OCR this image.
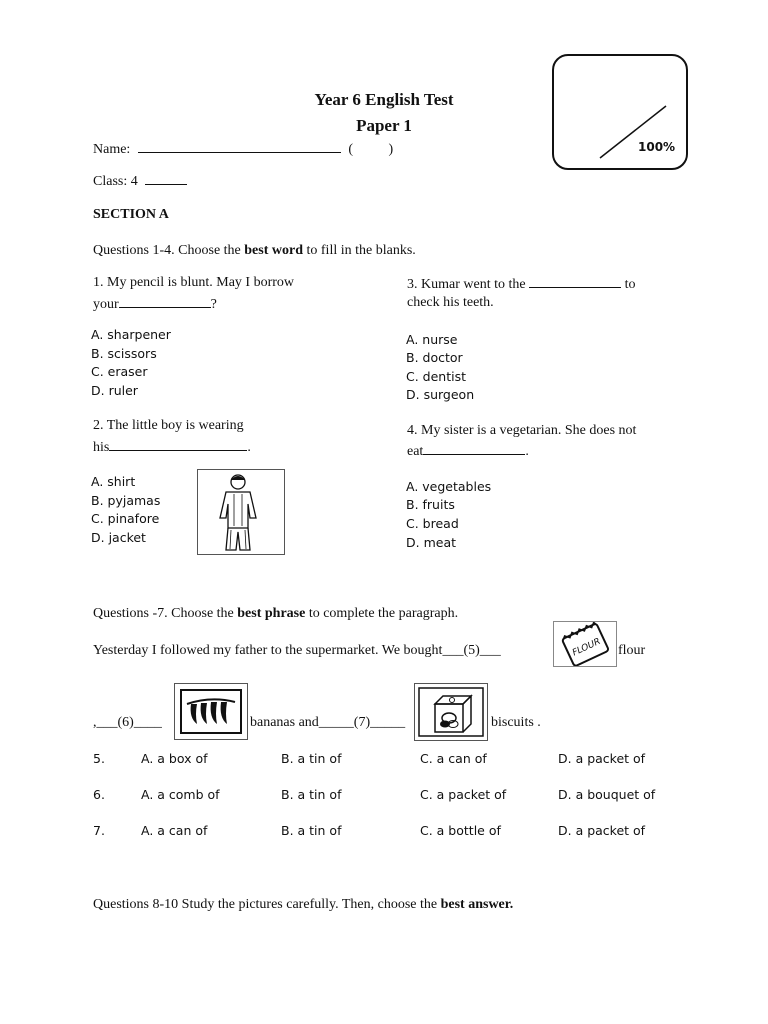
100%
Year 6 English Test
Paper 1
Name:	(	)
Class: 4
SECTION A
Questions 1-4. Choose the best word to fill in the blanks.
1. My pencil is blunt. May I borrow
your	?
A. sharpener
B. scissors
C. eraser
D. ruler
2. The little boy is wearing
his	.
A. shirt
B. pyjamas
C. pinafore
D. jacket
3. Kumar went to the	to
check his teeth.
A. nurse
B. doctor
C. dentist
D. surgeon
4. My sister is a vegetarian. She does not
eat	.
A. vegetables
B. fruits
C. bread
D. meat
Questions -7. Choose the best phrase to complete the paragraph.
Yesterday I followed my father to the supermarket. We bought___(5)___	FLOUR flour
,___(6)____	bananas and_____(7)_____	biscuits .
5.	A. a box of	B. a tin of	C. a can of	D. a packet of
6.	A. a comb of	B. a tin of	C. a packet of	D. a bouquet of
7.	A. a can of	B. a tin of	C. a bottle of	D. a packet of
Questions 8-10 Study the pictures carefully. Then, choose the best answer.
